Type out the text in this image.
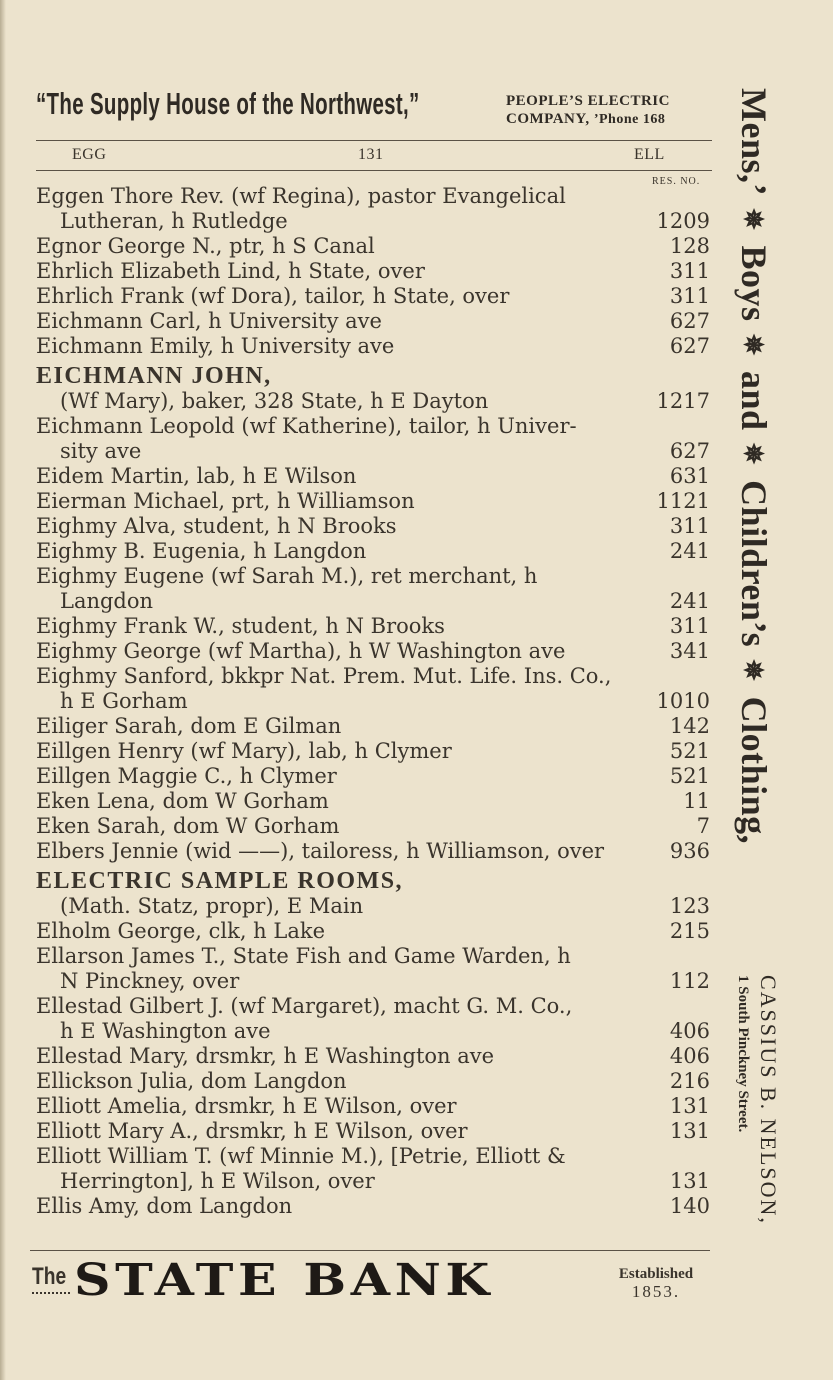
“The Supply House of the Northwest,”	PEOPLE’S ELECTRIC
COMPANY, ’Phone 168
EGG	131	ELL
RES. NO.
Eggen Thore Rev. (wf Regina), pastor Evangelical
Lutheran, h Rutledge	1209
Egnor George N., ptr, h S Canal	128
Ehrlich Elizabeth Lind, h State, over	311
Ehrlich Frank (wf Dora), tailor, h State, over	311
Eichmann Carl, h University ave	627
Eichmann Emily, h University ave	627
EICHMANN JOHN,
(Wf Mary), baker, 328 State, h E Dayton	1217
Eichmann Leopold (wf Katherine), tailor, h Univer-
sity ave	627
Eidem Martin, lab, h E Wilson	631
Eierman Michael, prt, h Williamson	1121
Eighmy Alva, student, h N Brooks	311
Eighmy B. Eugenia, h Langdon	241
Eighmy Eugene (wf Sarah M.), ret merchant, h
Langdon	241
Eighmy Frank W., student, h N Brooks	311
Eighmy George (wf Martha), h W Washington ave	341
Eighmy Sanford, bkkpr Nat. Prem. Mut. Life. Ins. Co.,
h E Gorham	1010
Eiliger Sarah, dom E Gilman	142
Eillgen Henry (wf Mary), lab, h Clymer	521
Eillgen Maggie C., h Clymer	521
Eken Lena, dom W Gorham	11
Eken Sarah, dom W Gorham	7
Elbers Jennie (wid ——), tailoress, h Williamson, over	936
ELECTRIC SAMPLE ROOMS,
(Math. Statz, propr), E Main	123
Elholm George, clk, h Lake	215
Ellarson James T., State Fish and Game Warden, h
N Pinckney, over	112
Ellestad Gilbert J. (wf Margaret), macht G. M. Co.,
h E Washington ave	406
Ellestad Mary, drsmkr, h E Washington ave	406
Ellickson Julia, dom Langdon	216
Elliott Amelia, drsmkr, h E Wilson, over	131
Elliott Mary A., drsmkr, h E Wilson, over	131
Elliott William T. (wf Minnie M.), [Petrie, Elliott &
Herrington], h E Wilson, over	131
Ellis Amy, dom Langdon	140
Mens,’ ✵ Boys ✵ and ✵ Children’s ✵ Clothing,
CASSIUS B. NELSON,
1 South Pinckney Street.
The STATE BANK	Established
1853.
